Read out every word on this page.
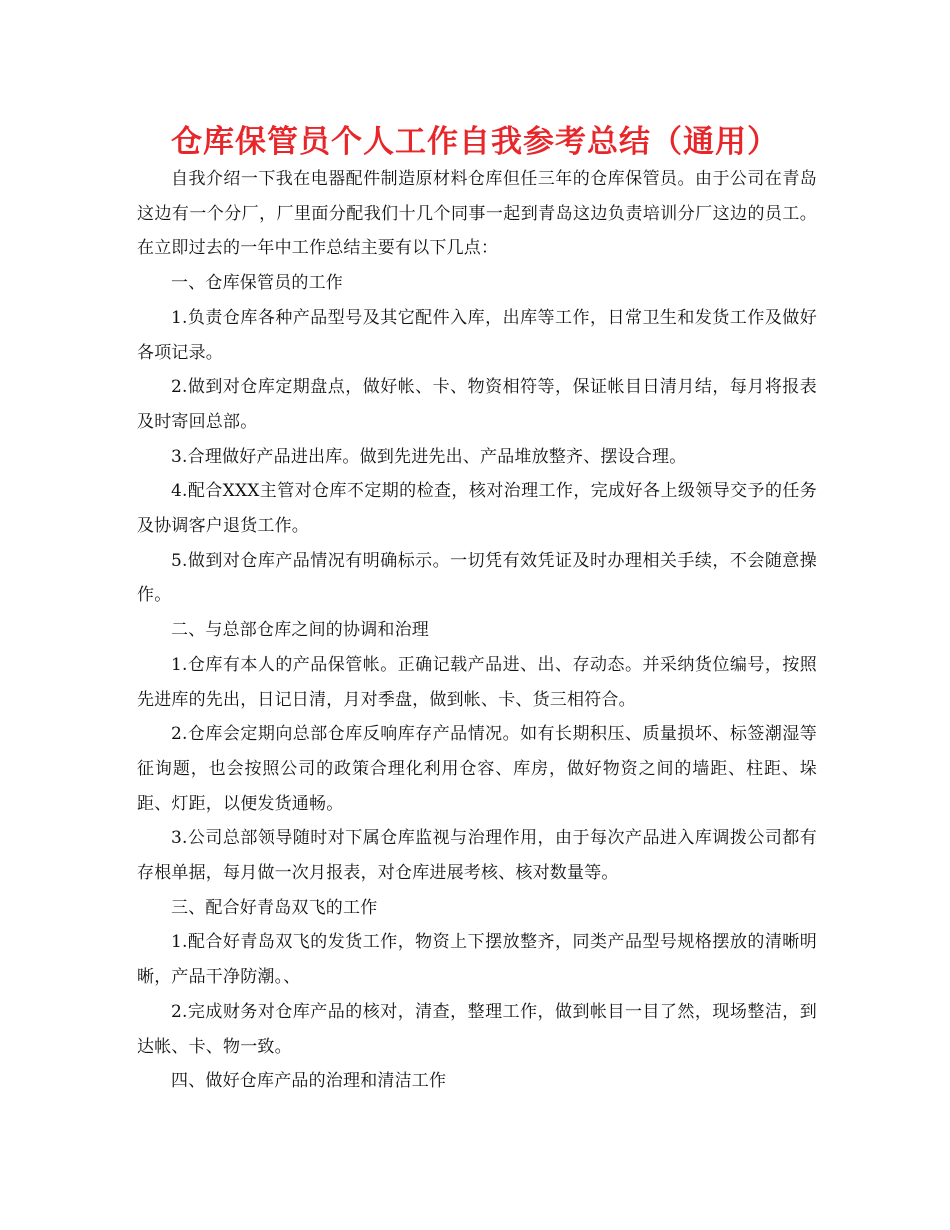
仓库保管员个人工作自我参考总结（通用）

自我介绍一下我在电器配件制造原材料仓库但任三年的仓库保管员。由于公司在青岛这边有一个分厂，厂里面分配我们十几个同事一起到青岛这边负责培训分厂这边的员工。在立即过去的一年中工作总结主要有以下几点：

一、仓库保管员的工作

1.负责仓库各种产品型号及其它配件入库，出库等工作，日常卫生和发货工作及做好各项记录。

2.做到对仓库定期盘点，做好帐、卡、物资相符等，保证帐目日清月结，每月将报表及时寄回总部。

3.合理做好产品进出库。做到先进先出、产品堆放整齐、摆设合理。

4.配合XXX主管对仓库不定期的检查，核对治理工作，完成好各上级领导交予的任务及协调客户退货工作。

5.做到对仓库产品情况有明确标示。一切凭有效凭证及时办理相关手续，不会随意操作。

二、与总部仓库之间的协调和治理

1.仓库有本人的产品保管帐。正确记载产品进、出、存动态。并采纳货位编号，按照先进库的先出，日记日清，月对季盘，做到帐、卡、货三相符合。

2.仓库会定期向总部仓库反响库存产品情况。如有长期积压、质量损坏、标签潮湿等征询题，也会按照公司的政策合理化利用仓容、库房，做好物资之间的墙距、柱距、垛距、灯距，以便发货通畅。

3.公司总部领导随时对下属仓库监视与治理作用，由于每次产品进入库调拨公司都有存根单据，每月做一次月报表，对仓库进展考核、核对数量等。

三、配合好青岛双飞的工作

1.配合好青岛双飞的发货工作，物资上下摆放整齐，同类产品型号规格摆放的清晰明晰，产品干净防潮。、

2.完成财务对仓库产品的核对，清查，整理工作，做到帐目一目了然，现场整洁，到达帐、卡、物一致。

四、做好仓库产品的治理和清洁工作
